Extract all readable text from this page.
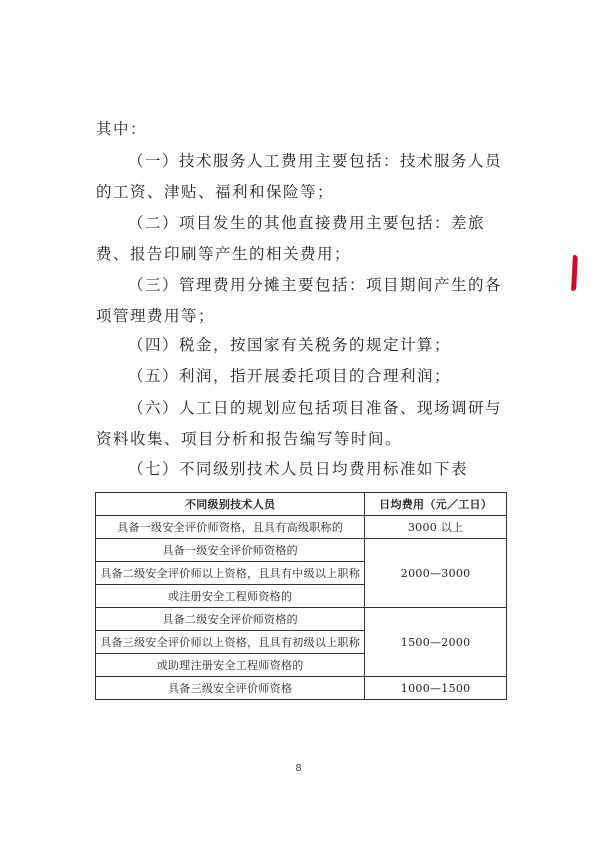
其中：
（一）技术服务人工费用主要包括：技术服务人员的工资、津贴、福利和保险等；
（二）项目发生的其他直接费用主要包括：差旅费、报告印刷等产生的相关费用；
（三）管理费用分摊主要包括：项目期间产生的各项管理费用等；
（四）税金，按国家有关税务的规定计算；
（五）利润，指开展委托项目的合理利润；
（六）人工日的规划应包括项目准备、现场调研与资料收集、项目分析和报告编写等时间。
（七）不同级别技术人员日均费用标准如下表
不同级别技术人员	日均费用（元／工日）
具备一级安全评价师资格，且具有高级职称的	3000 以上
具备一级安全评价师资格的	2000—3000
具备二级安全评价师以上资格，且具有中级以上职称	
或注册安全工程师资格的	
具备二级安全评价师资格的	1500—2000
具备三级安全评价师以上资格，且具有初级以上职称	
或助理注册安全工程师资格的	
具备三级安全评价师资格	1000—1500
8
